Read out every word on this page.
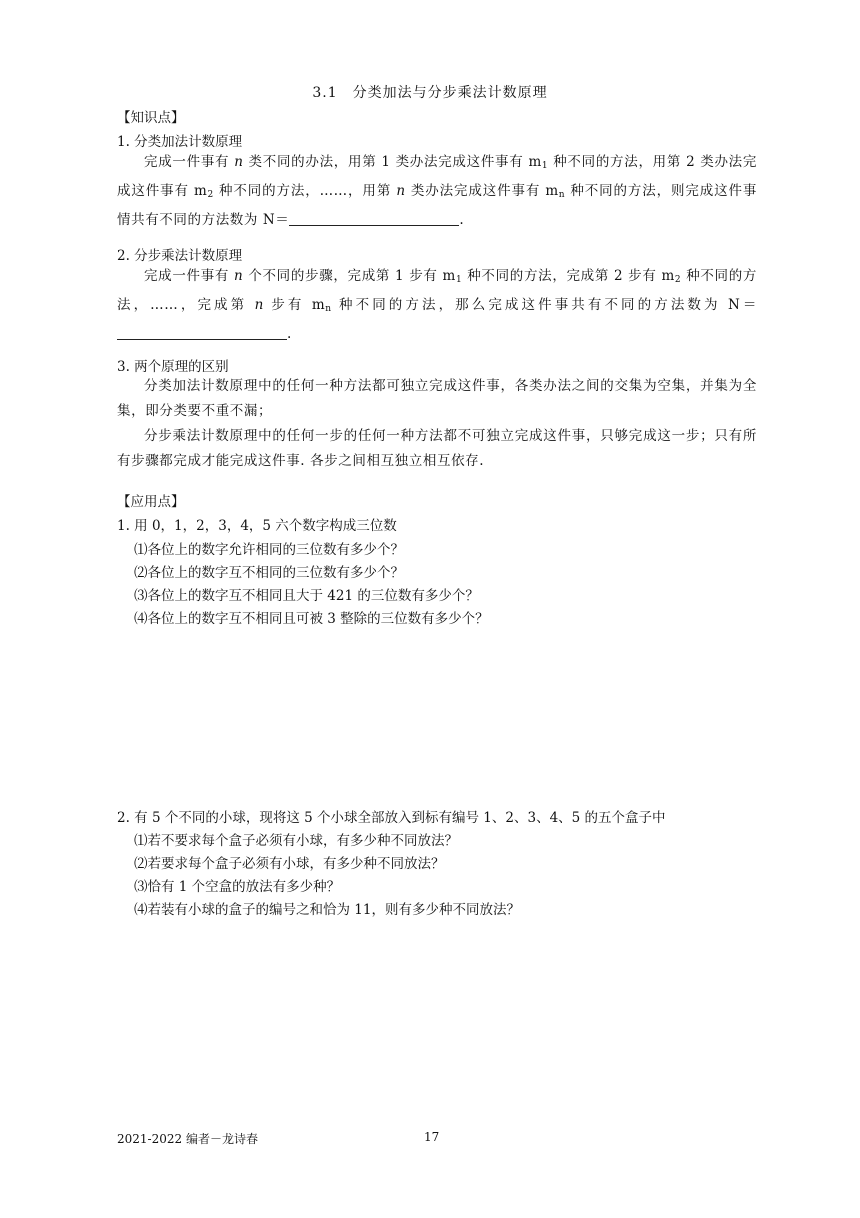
3.1　分类加法与分步乘法计数原理
【知识点】
1. 分类加法计数原理
完成一件事有 n 类不同的办法，用第 1 类办法完成这件事有 $m_1$ 种不同的方法，用第 2 类办法完成这件事有 $m_2$ 种不同的方法，……，用第 n 类办法完成这件事有 $m_n$ 种不同的方法，则完成这件事情共有不同的方法数为 N＝	.
2. 分步乘法计数原理
完成一件事有 n 个不同的步骤，完成第 1 步有 $m_1$ 种不同的方法，完成第 2 步有 $m_2$ 种不同的方法，……，完成第 n 步有 $m_n$ 种不同的方法，那么完成这件事共有不同的方法数为 N＝.
3. 两个原理的区别
分类加法计数原理中的任何一种方法都可独立完成这件事，各类办法之间的交集为空集，并集为全集，即分类要不重不漏；
分步乘法计数原理中的任何一步的任何一种方法都不可独立完成这件事，只够完成这一步；只有所有步骤都完成才能完成这件事. 各步之间相互独立相互依存.
【应用点】
1. 用 0，1，2，3，4，5 六个数字构成三位数
⑴各位上的数字允许相同的三位数有多少个？
⑵各位上的数字互不相同的三位数有多少个？
⑶各位上的数字互不相同且大于 421 的三位数有多少个？
⑷各位上的数字互不相同且可被 3 整除的三位数有多少个？
2. 有 5 个不同的小球，现将这 5 个小球全部放入到标有编号 1、2、3、4、5 的五个盒子中
⑴若不要求每个盒子必须有小球，有多少种不同放法？
⑵若要求每个盒子必须有小球，有多少种不同放法？
⑶恰有 1 个空盒的放法有多少种？
⑷若装有小球的盒子的编号之和恰为 11，则有多少种不同放法？
2021-2022 编者－龙诗春	17
